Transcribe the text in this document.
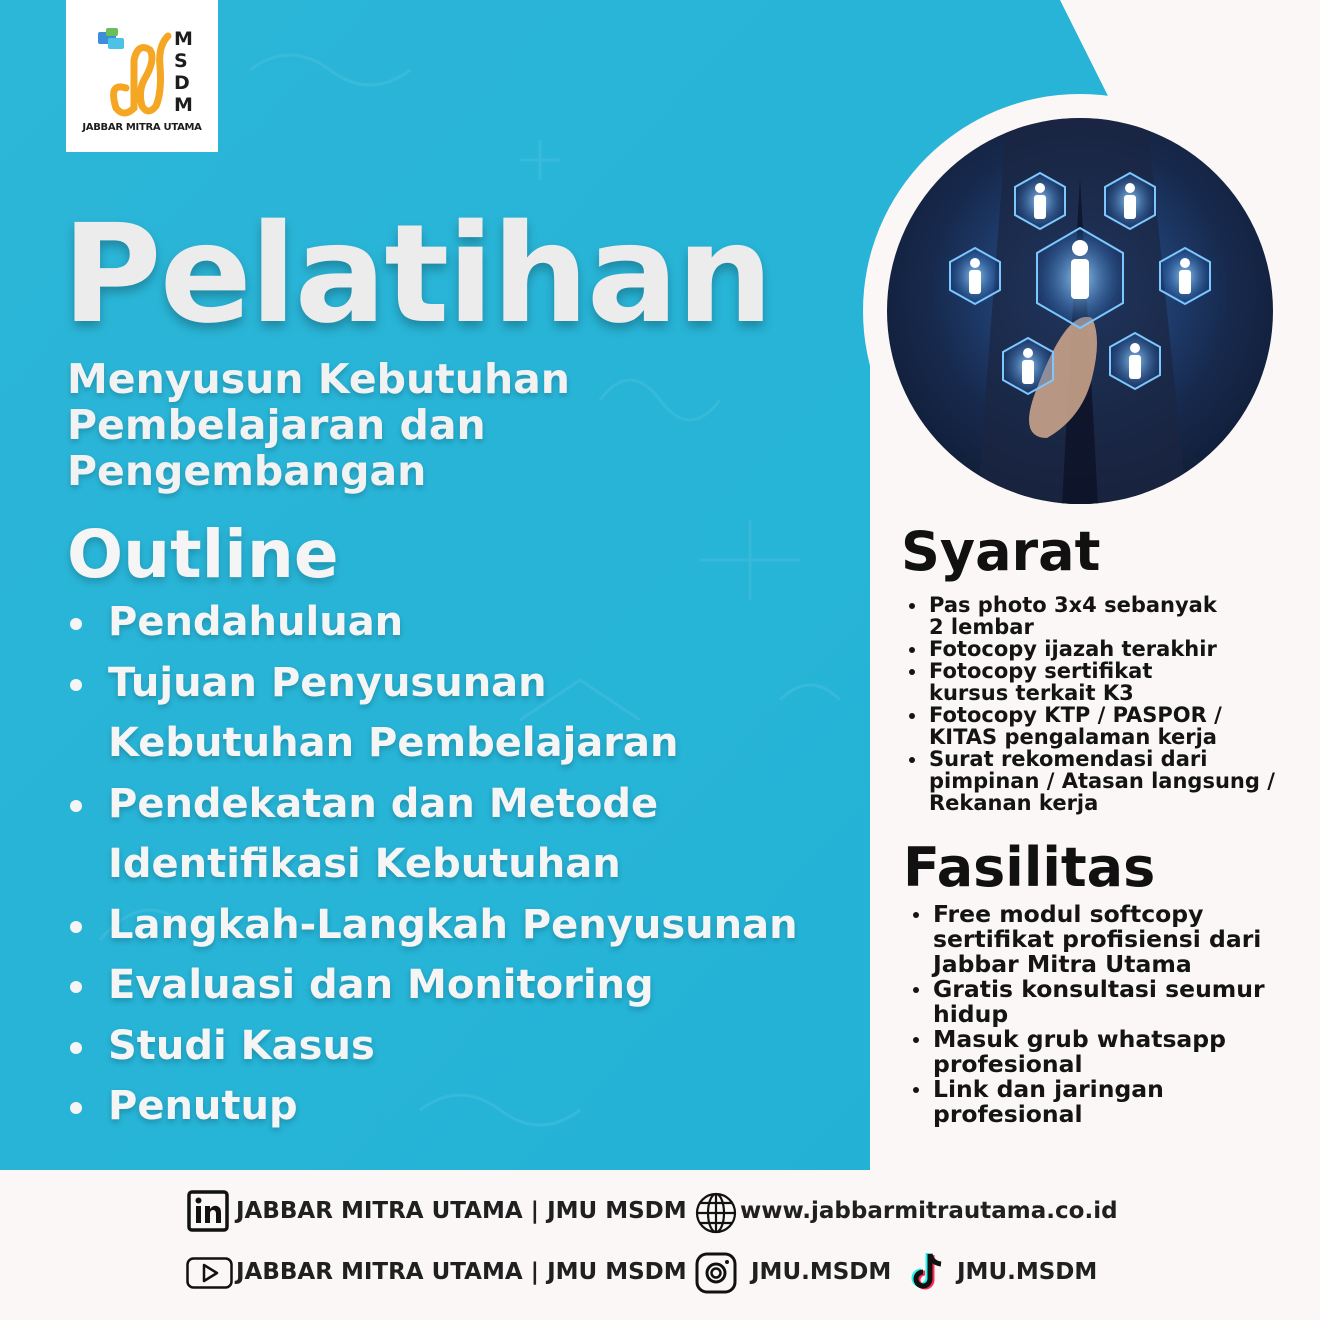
M
S
D
M
JABBAR MITRA UTAMA
Pelatihan
Menyusun Kebutuhan
Pembelajaran dan
Pengembangan
Outline
Pendahuluan
Tujuan Penyusunan Kebutuhan Pembelajaran
Pendekatan dan Metode Identifikasi Kebutuhan
Langkah-Langkah Penyusunan
Evaluasi dan Monitoring
Studi Kasus
Penutup
Syarat
Pas photo 3x4 sebanyak 2 lembar
Fotocopy ijazah terakhir
Fotocopy sertifikat kursus terkait K3
Fotocopy KTP / PASPOR / KITAS pengalaman kerja
Surat rekomendasi dari pimpinan / Atasan langsung / Rekanan kerja
Fasilitas
Free modul softcopy sertifikat profisiensi dari Jabbar Mitra Utama
Gratis konsultasi seumur hidup
Masuk grub whatsapp profesional
Link dan jaringan profesional
JABBAR MITRA UTAMA | JMU MSDM www.jabbarmitrautama.co.id
JABBAR MITRA UTAMA | JMU MSDM	JMU.MSDM	JMU.MSDM
